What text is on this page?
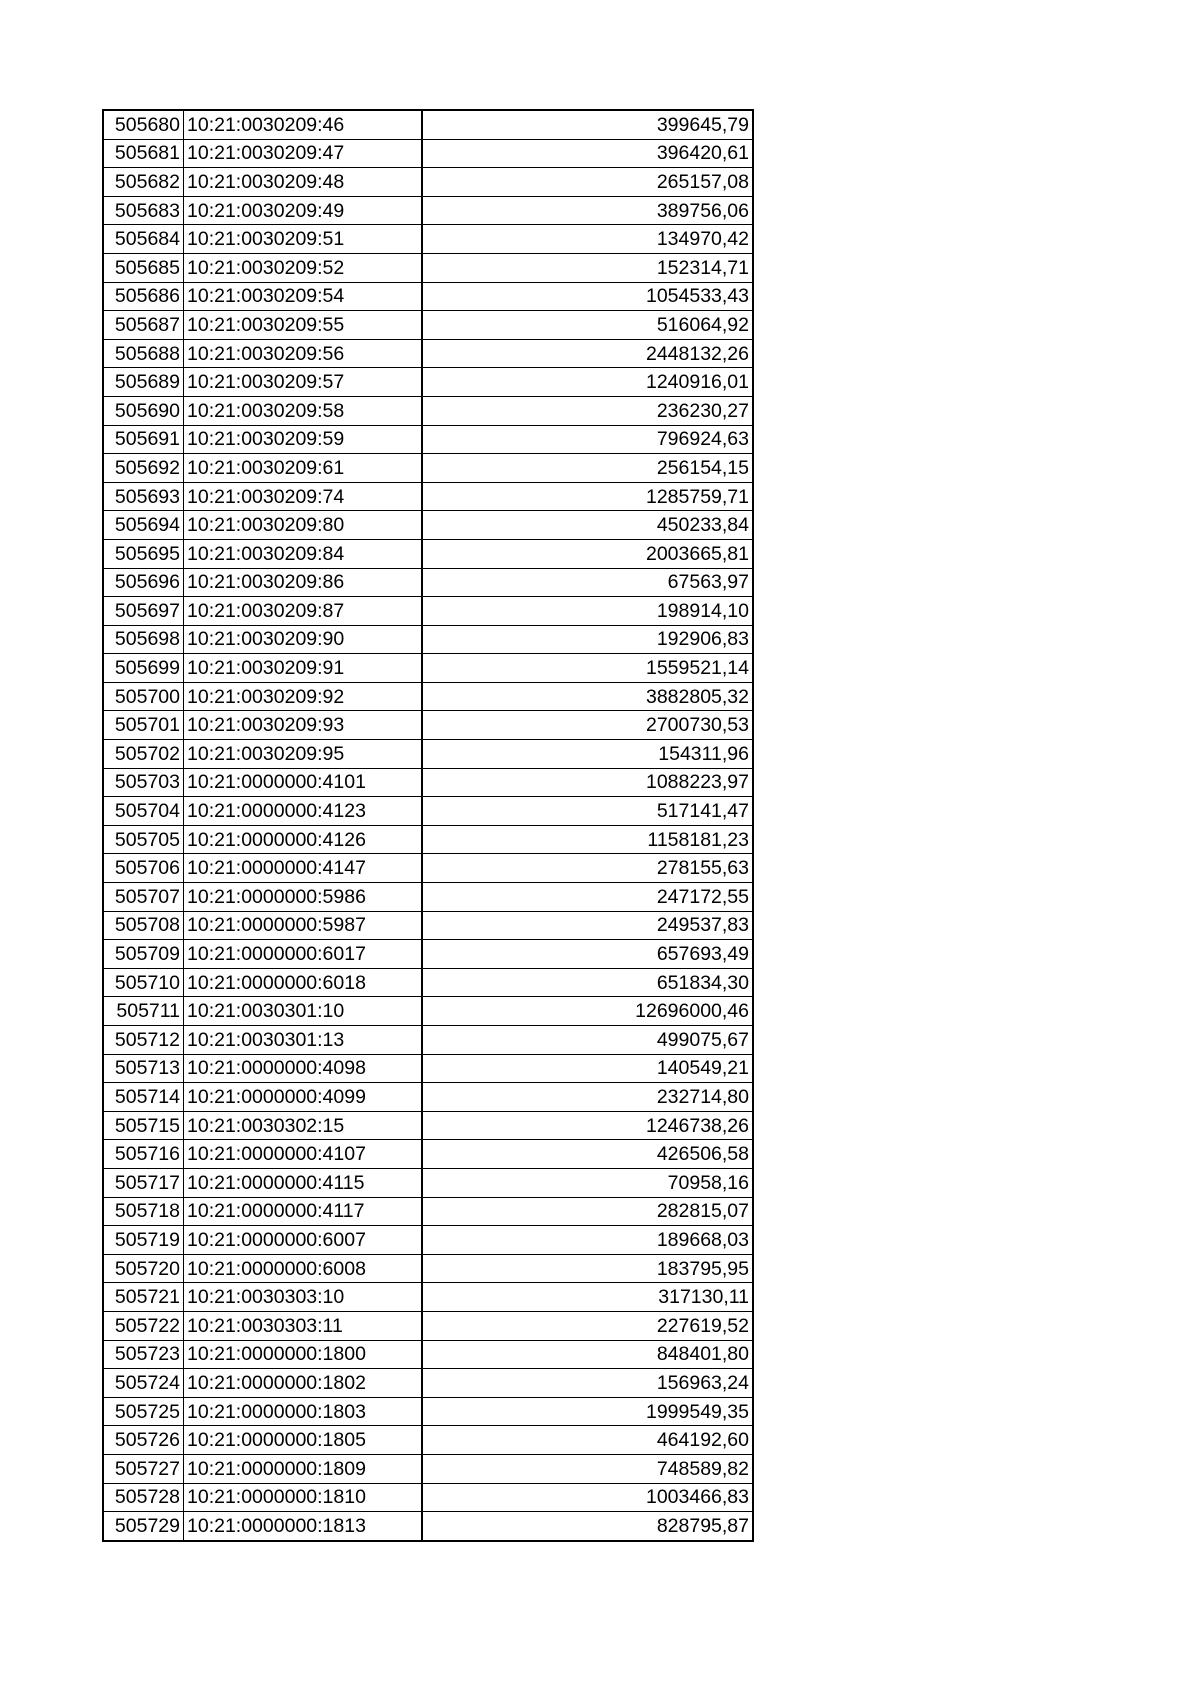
505680	10:21:0030209:46	399645,79
505681	10:21:0030209:47	396420,61
505682	10:21:0030209:48	265157,08
505683	10:21:0030209:49	389756,06
505684	10:21:0030209:51	134970,42
505685	10:21:0030209:52	152314,71
505686	10:21:0030209:54	1054533,43
505687	10:21:0030209:55	516064,92
505688	10:21:0030209:56	2448132,26
505689	10:21:0030209:57	1240916,01
505690	10:21:0030209:58	236230,27
505691	10:21:0030209:59	796924,63
505692	10:21:0030209:61	256154,15
505693	10:21:0030209:74	1285759,71
505694	10:21:0030209:80	450233,84
505695	10:21:0030209:84	2003665,81
505696	10:21:0030209:86	67563,97
505697	10:21:0030209:87	198914,10
505698	10:21:0030209:90	192906,83
505699	10:21:0030209:91	1559521,14
505700	10:21:0030209:92	3882805,32
505701	10:21:0030209:93	2700730,53
505702	10:21:0030209:95	154311,96
505703	10:21:0000000:4101	1088223,97
505704	10:21:0000000:4123	517141,47
505705	10:21:0000000:4126	1158181,23
505706	10:21:0000000:4147	278155,63
505707	10:21:0000000:5986	247172,55
505708	10:21:0000000:5987	249537,83
505709	10:21:0000000:6017	657693,49
505710	10:21:0000000:6018	651834,30
505711	10:21:0030301:10	12696000,46
505712	10:21:0030301:13	499075,67
505713	10:21:0000000:4098	140549,21
505714	10:21:0000000:4099	232714,80
505715	10:21:0030302:15	1246738,26
505716	10:21:0000000:4107	426506,58
505717	10:21:0000000:4115	70958,16
505718	10:21:0000000:4117	282815,07
505719	10:21:0000000:6007	189668,03
505720	10:21:0000000:6008	183795,95
505721	10:21:0030303:10	317130,11
505722	10:21:0030303:11	227619,52
505723	10:21:0000000:1800	848401,80
505724	10:21:0000000:1802	156963,24
505725	10:21:0000000:1803	1999549,35
505726	10:21:0000000:1805	464192,60
505727	10:21:0000000:1809	748589,82
505728	10:21:0000000:1810	1003466,83
505729	10:21:0000000:1813	828795,87
